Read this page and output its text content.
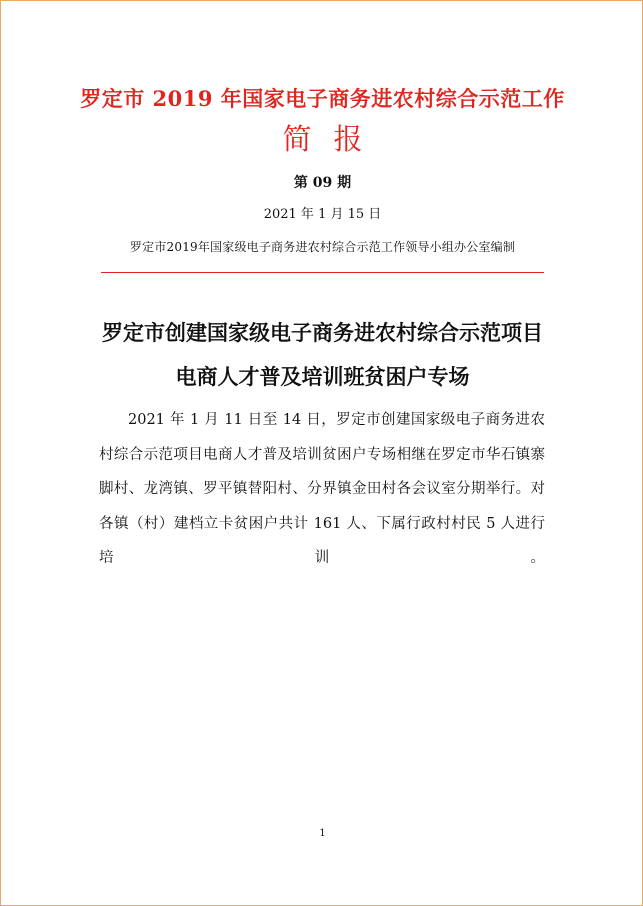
罗定市 2019 年国家电子商务进农村综合示范工作
简报
第 09 期
2021 年 1 月 15 日
罗定市2019年国家级电子商务进农村综合示范工作领导小组办公室编制
罗定市创建国家级电子商务进农村综合示范项目
电商人才普及培训班贫困户专场

2021 年 1 月 11 日至 14 日，罗定市创建国家级电子商务进农村综合示范项目电商人才普及培训贫困户专场相继在罗定市华石镇寨脚村、龙湾镇、罗平镇替阳村、分界镇金田村各会议室分期举行。对各镇（村）建档立卡贫困户共计 161 人、下属行政村村民 5 人进行培训。

1
